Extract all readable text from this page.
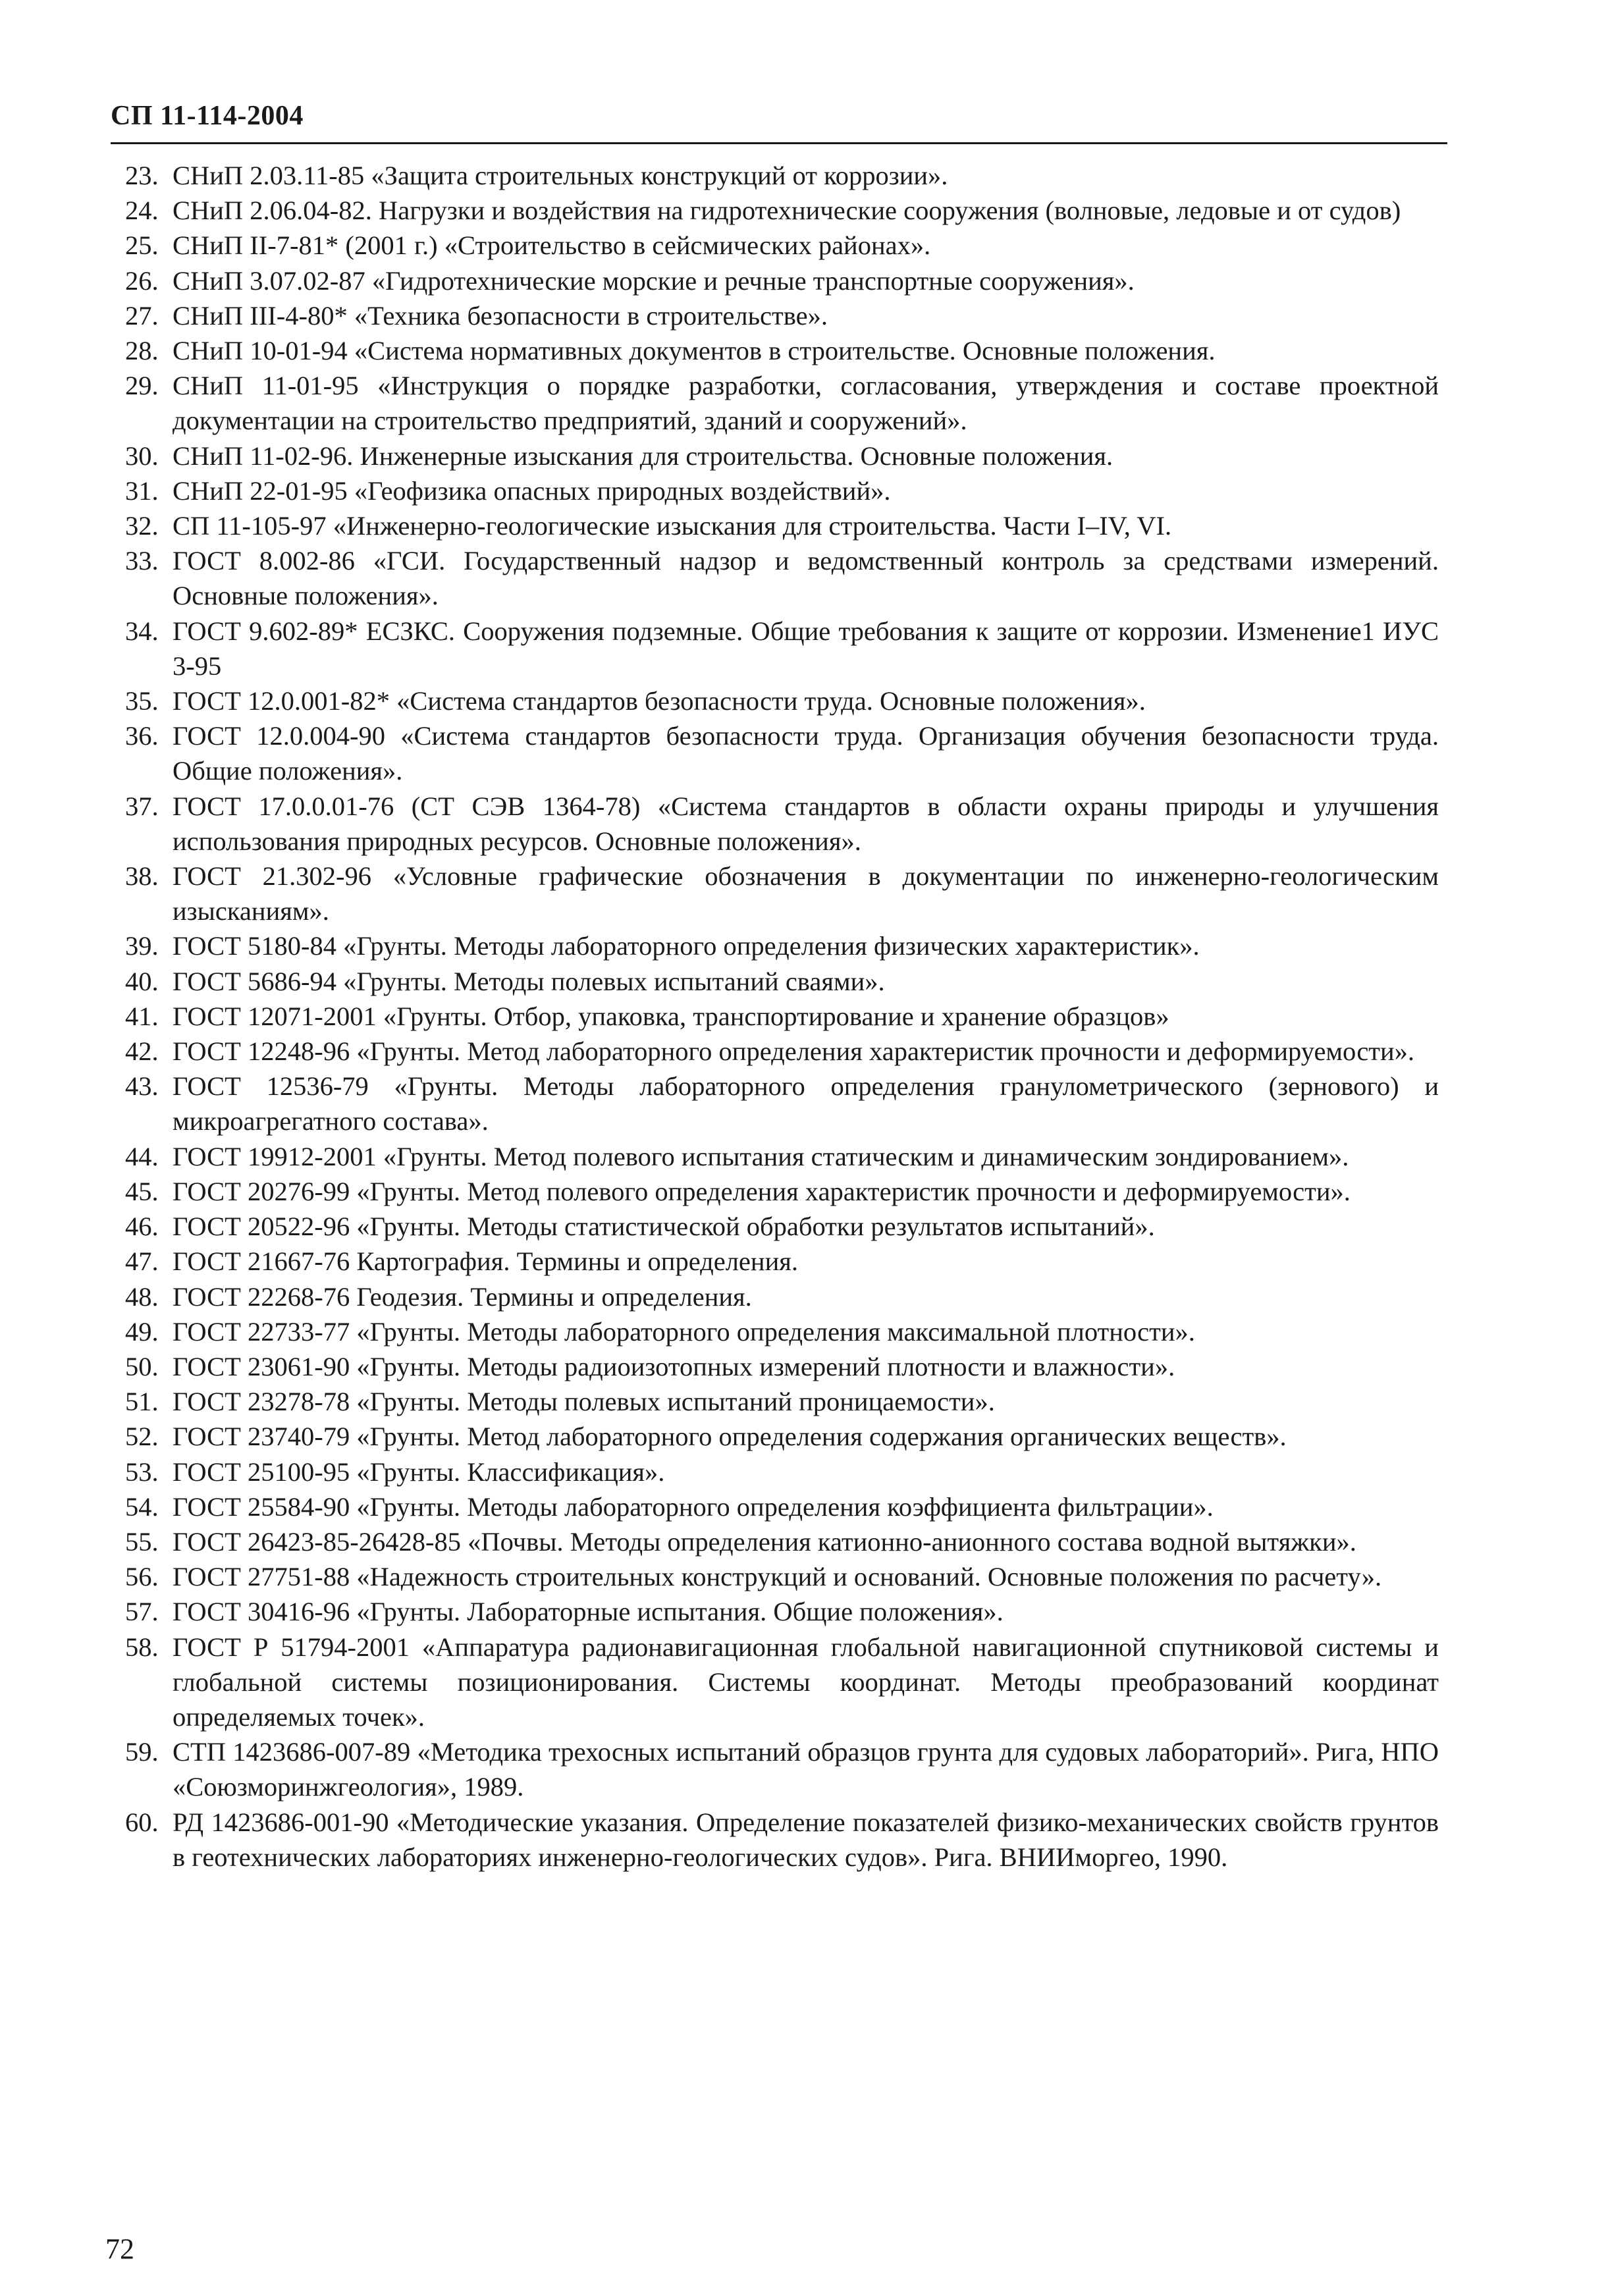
СП 11-114-2004
23. СНиП 2.03.11-85 «Защита строительных конструкций от коррозии».
24. СНиП 2.06.04-82. Нагрузки и воздействия на гидротехнические сооружения (волновые, ледовые и от судов)
25. СНиП II-7-81* (2001 г.) «Строительство в сейсмических районах».
26. СНиП 3.07.02-87 «Гидротехнические морские и речные транспортные сооружения».
27. СНиП III-4-80* «Техника безопасности в строительстве».
28. СНиП 10-01-94 «Система нормативных документов в строительстве. Основные положения.
29. СНиП 11-01-95 «Инструкция о порядке разработки, согласования, утверждения и составе проектной документации на строительство предприятий, зданий и сооружений».
30. СНиП 11-02-96. Инженерные изыскания для строительства. Основные положения.
31. СНиП 22-01-95 «Геофизика опасных природных воздействий».
32. СП 11-105-97 «Инженерно-геологические изыскания для строительства. Части I–IV, VI.
33. ГОСТ 8.002-86 «ГСИ. Государственный надзор и ведомственный контроль за средствами измерений. Основные положения».
34. ГОСТ 9.602-89* ЕСЗКС. Сооружения подземные. Общие требования к защите от коррозии. Изменение1 ИУС 3-95
35. ГОСТ 12.0.001-82* «Система стандартов безопасности труда. Основные положения».
36. ГОСТ 12.0.004-90 «Система стандартов безопасности труда. Организация обучения безопасности труда. Общие положения».
37. ГОСТ 17.0.0.01-76 (СТ СЭВ 1364-78) «Система стандартов в области охраны природы и улучшения использования природных ресурсов. Основные положения».
38. ГОСТ 21.302-96 «Условные графические обозначения в документации по инженерно-геологическим изысканиям».
39. ГОСТ 5180-84 «Грунты. Методы лабораторного определения физических характеристик».
40. ГОСТ 5686-94 «Грунты. Методы полевых испытаний сваями».
41. ГОСТ 12071-2001 «Грунты. Отбор, упаковка, транспортирование и хранение образцов»
42. ГОСТ 12248-96 «Грунты. Метод лабораторного определения характеристик прочности и деформируемости».
43. ГОСТ 12536-79 «Грунты. Методы лабораторного определения гранулометрического (зернового) и микроагрегатного состава».
44. ГОСТ 19912-2001 «Грунты. Метод полевого испытания статическим и динамическим зондированием».
45. ГОСТ 20276-99 «Грунты. Метод полевого определения характеристик прочности и деформируемости».
46. ГОСТ 20522-96 «Грунты. Методы статистической обработки результатов испытаний».
47. ГОСТ 21667-76 Картография. Термины и определения.
48. ГОСТ 22268-76 Геодезия. Термины и определения.
49. ГОСТ 22733-77 «Грунты. Методы лабораторного определения максимальной плотности».
50. ГОСТ 23061-90 «Грунты. Методы радиоизотопных измерений плотности и влажности».
51. ГОСТ 23278-78 «Грунты. Методы полевых испытаний проницаемости».
52. ГОСТ 23740-79 «Грунты. Метод лабораторного определения содержания органических веществ».
53. ГОСТ 25100-95 «Грунты. Классификация».
54. ГОСТ 25584-90 «Грунты. Методы лабораторного определения коэффициента фильтрации».
55. ГОСТ 26423-85-26428-85 «Почвы. Методы определения катионно-анионного состава водной вытяжки».
56. ГОСТ 27751-88 «Надежность строительных конструкций и оснований. Основные положения по расчету».
57. ГОСТ 30416-96 «Грунты. Лабораторные испытания. Общие положения».
58. ГОСТ Р 51794-2001 «Аппаратура радионавигационная глобальной навигационной спутниковой системы и глобальной системы позиционирования. Системы координат. Методы преобразований координат определяемых точек».
59. СТП 1423686-007-89 «Методика трехосных испытаний образцов грунта для судовых лабораторий». Рига, НПО «Союзморинжгеология», 1989.
60. РД 1423686-001-90 «Методические указания. Определение показателей физико-механических свойств грунтов в геотехнических лабораториях инженерно-геологических судов». Рига. ВНИИморгео, 1990.
72
